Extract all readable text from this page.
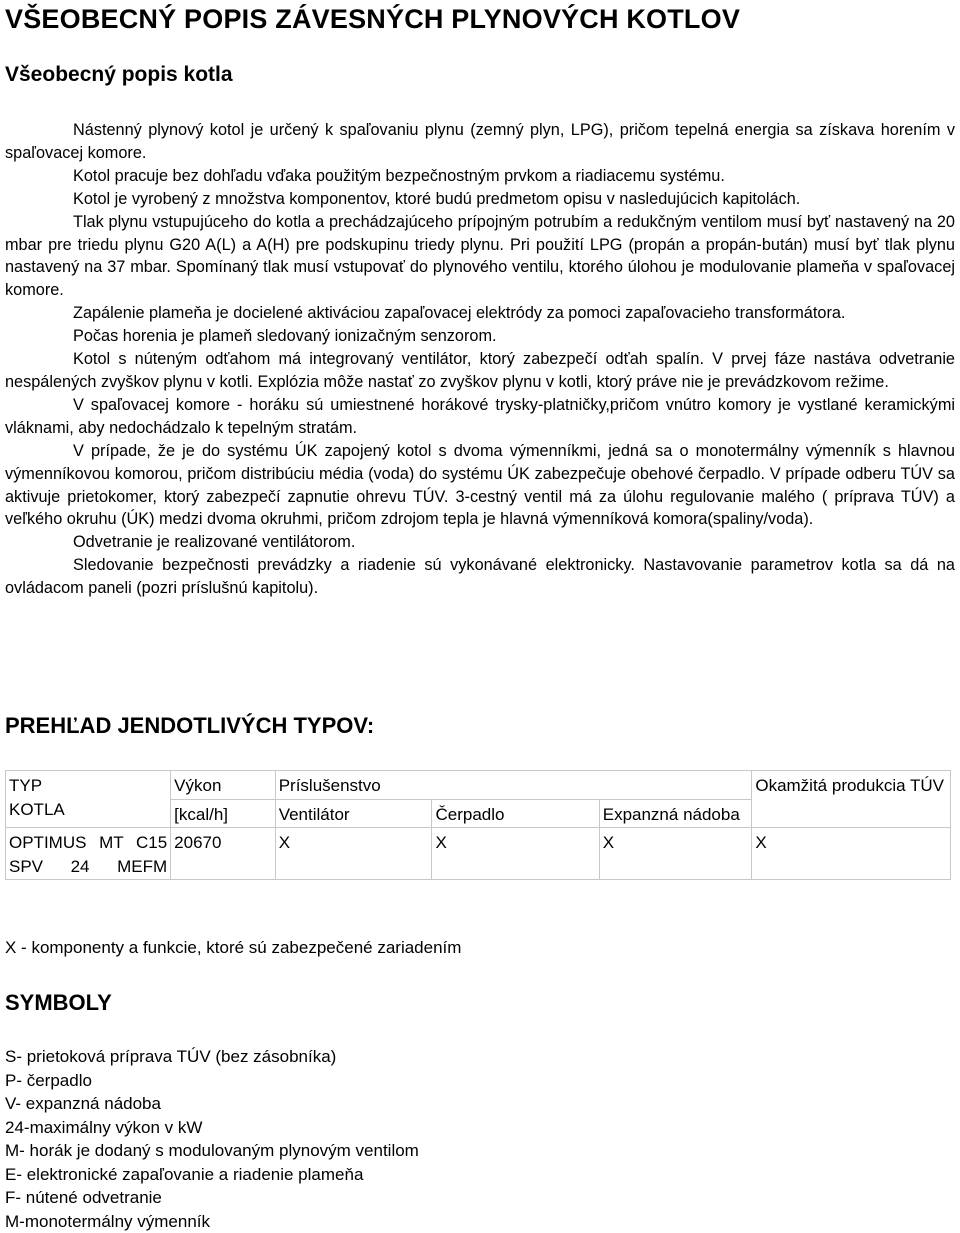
VŠEOBECNÝ POPIS ZÁVESNÝCH PLYNOVÝCH KOTLOV
Všeobecný popis kotla

Nástenný plynový kotol je určený k spaľovaniu plynu (zemný plyn, LPG), pričom tepelná energia sa získava horením v spaľovacej komore.

Kotol pracuje bez dohľadu vďaka použitým bezpečnostným prvkom a riadiacemu systému.

Kotol je vyrobený z množstva komponentov, ktoré budú predmetom opisu v nasledujúcich kapitolách.

Tlak plynu vstupujúceho do kotla a prechádzajúceho prípojným potrubím a redukčným ventilom musí byť nastavený na 20 mbar pre triedu plynu G20 A(L) a A(H) pre podskupinu triedy plynu. Pri použití LPG (propán a propán-bután) musí byť tlak plynu nastavený na 37 mbar. Spomínaný tlak musí vstupovať do plynového ventilu, ktorého úlohou je modulovanie plameňa v spaľovacej komore.

Zapálenie plameňa je docielené aktiváciou zapaľovacej elektródy za pomoci zapaľovacieho transformátora.

Počas horenia je plameň sledovaný ionizačným senzorom.

Kotol s núteným odťahom má integrovaný ventilátor, ktorý zabezpečí odťah spalín. V prvej fáze nastáva odvetranie nespálených zvyškov plynu v kotli. Explózia môže nastať zo zvyškov plynu v kotli, ktorý práve nie je prevádzkovom režime.

V spaľovacej komore - horáku sú umiestnené horákové trysky-platničky,pričom vnútro komory je vystlané keramickými vláknami, aby nedochádzalo k tepelným stratám.

V prípade, že je do systému ÚK zapojený kotol s dvoma výmenníkmi, jedná sa o monotermálny výmenník s hlavnou výmenníkovou komorou, pričom distribúciu média (voda) do systému ÚK zabezpečuje obehové čerpadlo. V prípade odberu TÚV sa aktivuje prietokomer, ktorý zabezpečí zapnutie ohrevu TÚV. 3-cestný ventil má za úlohu regulovanie malého ( príprava TÚV) a veľkého okruhu (ÚK) medzi dvoma okruhmi, pričom zdrojom tepla je hlavná výmenníková komora(spaliny/voda).

Odvetranie je realizované ventilátorom.

Sledovanie bezpečnosti prevádzky a riadenie sú vykonávané elektronicky. Nastavovanie parametrov kotla sa dá na ovládacom paneli (pozri príslušnú kapitolu).

PREHĽAD JENDOTLIVÝCH TYPOV:
TYP
KOTLA	Výkon	Príslušenstvo			Okamžitá produkcia TÚV
	[kcal/h]	Ventilátor	Čerpadlo	Expanzná nádoba	
OPTIMUS MT C15 SPV 24 MEFM	20670	X	X	X	X
X - komponenty a funkcie, ktoré sú zabezpečené zariadením
SYMBOLY
S- prietoková príprava TÚV (bez zásobníka)
P- čerpadlo
V- expanzná nádoba
24-maximálny výkon v kW
M- horák je dodaný s modulovaným plynovým ventilom
E- elektronické zapaľovanie a riadenie plameňa
F- nútené odvetranie
M-monotermálny výmenník
